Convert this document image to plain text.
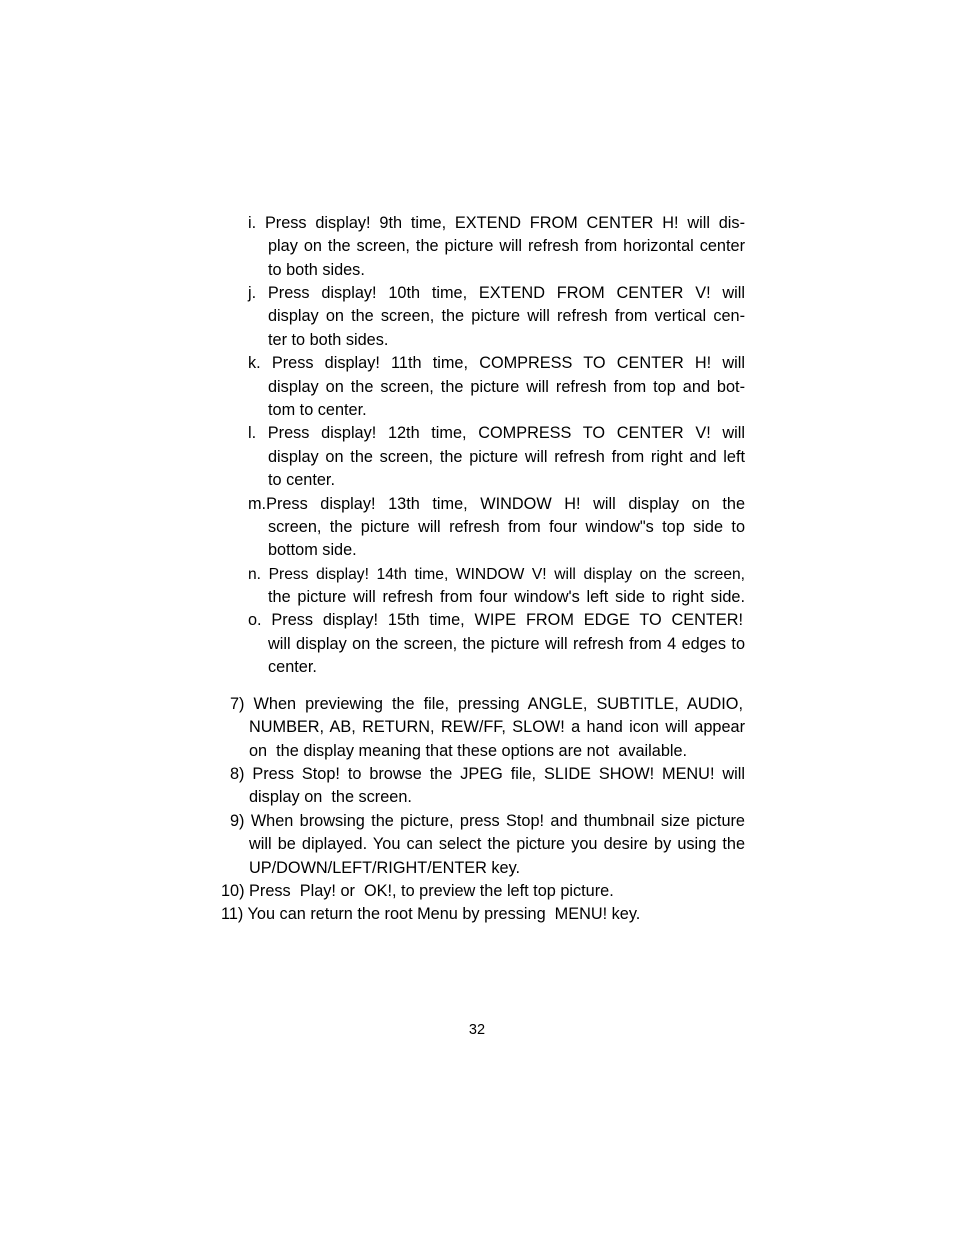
i. Press display! 9th time, EXTEND FROM CENTER H! will dis-

play on the screen, the picture will refresh from horizontal center

to both sides.

j. Press display! 10th time, EXTEND FROM CENTER V! will

display on the screen, the picture will refresh from vertical cen-

ter to both sides.

k. Press display! 11th time, COMPRESS TO CENTER H! will

display on the screen, the picture will refresh from top and bot-

tom to center.

l. Press display! 12th time, COMPRESS TO CENTER V! will

display on the screen, the picture will refresh from right and left

to center.

m.Press display! 13th time, WINDOW H! will display on the

screen, the picture will refresh from four window"s top side to

bottom side.

n. Press display! 14th time, WINDOW V! will display on the screen,

the picture will refresh from four window's left side to right side.

o. Press display! 15th time, WIPE FROM EDGE TO CENTER!

will display on the screen, the picture will refresh from 4 edges to

center.

7) When previewing the file, pressing ANGLE, SUBTITLE, AUDIO,

NUMBER, AB, RETURN, REW/FF, SLOW! a hand icon will appear

on  the display meaning that these options are not  available.

8) Press Stop! to browse the JPEG file, SLIDE SHOW! MENU! will

display on  the screen.

9) When browsing the picture, press Stop! and thumbnail size picture

will be diplayed. You can select the picture you desire by using the

UP/DOWN/LEFT/RIGHT/ENTER key.

10) Press  Play! or  OK!, to preview the left top picture.

11) You can return the root Menu by pressing  MENU! key.

32
